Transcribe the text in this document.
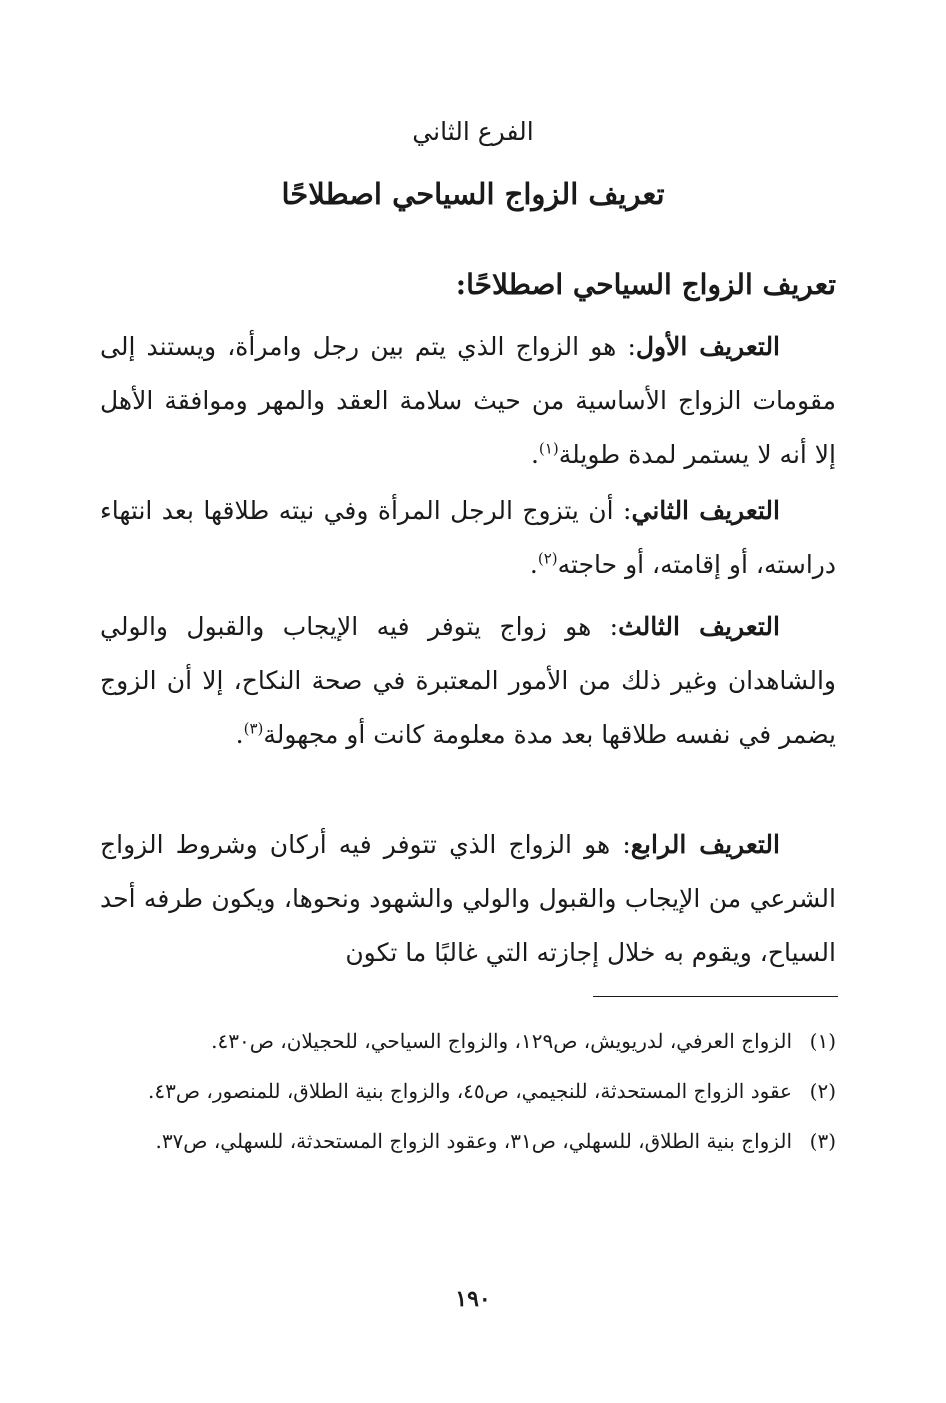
الفرع الثاني
تعريف الزواج السياحي اصطلاحًا
تعريف الزواج السياحي اصطلاحًا:

التعريف الأول: هو الزواج الذي يتم بين رجل وامرأة، ويستند إلى مقومات الزواج الأساسية من حيث سلامة العقد والمهر وموافقة الأهل إلا أنه لا يستمر لمدة طويلة$^{(١)}$.

التعريف الثاني: أن يتزوج الرجل المرأة وفي نيته طلاقها بعد انتهاء دراسته، أو إقامته، أو حاجته$^{(٢)}$.

التعريف الثالث: هو زواج يتوفر فيه الإيجاب والقبول والولي والشاهدان وغير ذلك من الأمور المعتبرة في صحة النكاح، إلا أن الزوج يضمر في نفسه طلاقها بعد مدة معلومة كانت أو مجهولة$^{(٣)}$.

التعريف الرابع: هو الزواج الذي تتوفر فيه أركان وشروط الزواج الشرعي من الإيجاب والقبول والولي والشهود ونحوها، ويكون طرفه أحد السياح، ويقوم به خلال إجازته التي غالبًا ما تكون

(١)الزواج العرفي، لدريويش، ص١٢٩، والزواج السياحي، للحجيلان، ص٤٣٠.

(٢)عقود الزواج المستحدثة، للنجيمي، ص٤٥، والزواج بنية الطلاق، للمنصور، ص٤٣.

(٣)الزواج بنية الطلاق، للسهلي، ص٣١، وعقود الزواج المستحدثة، للسهلي، ص٣٧.

١٩٠
